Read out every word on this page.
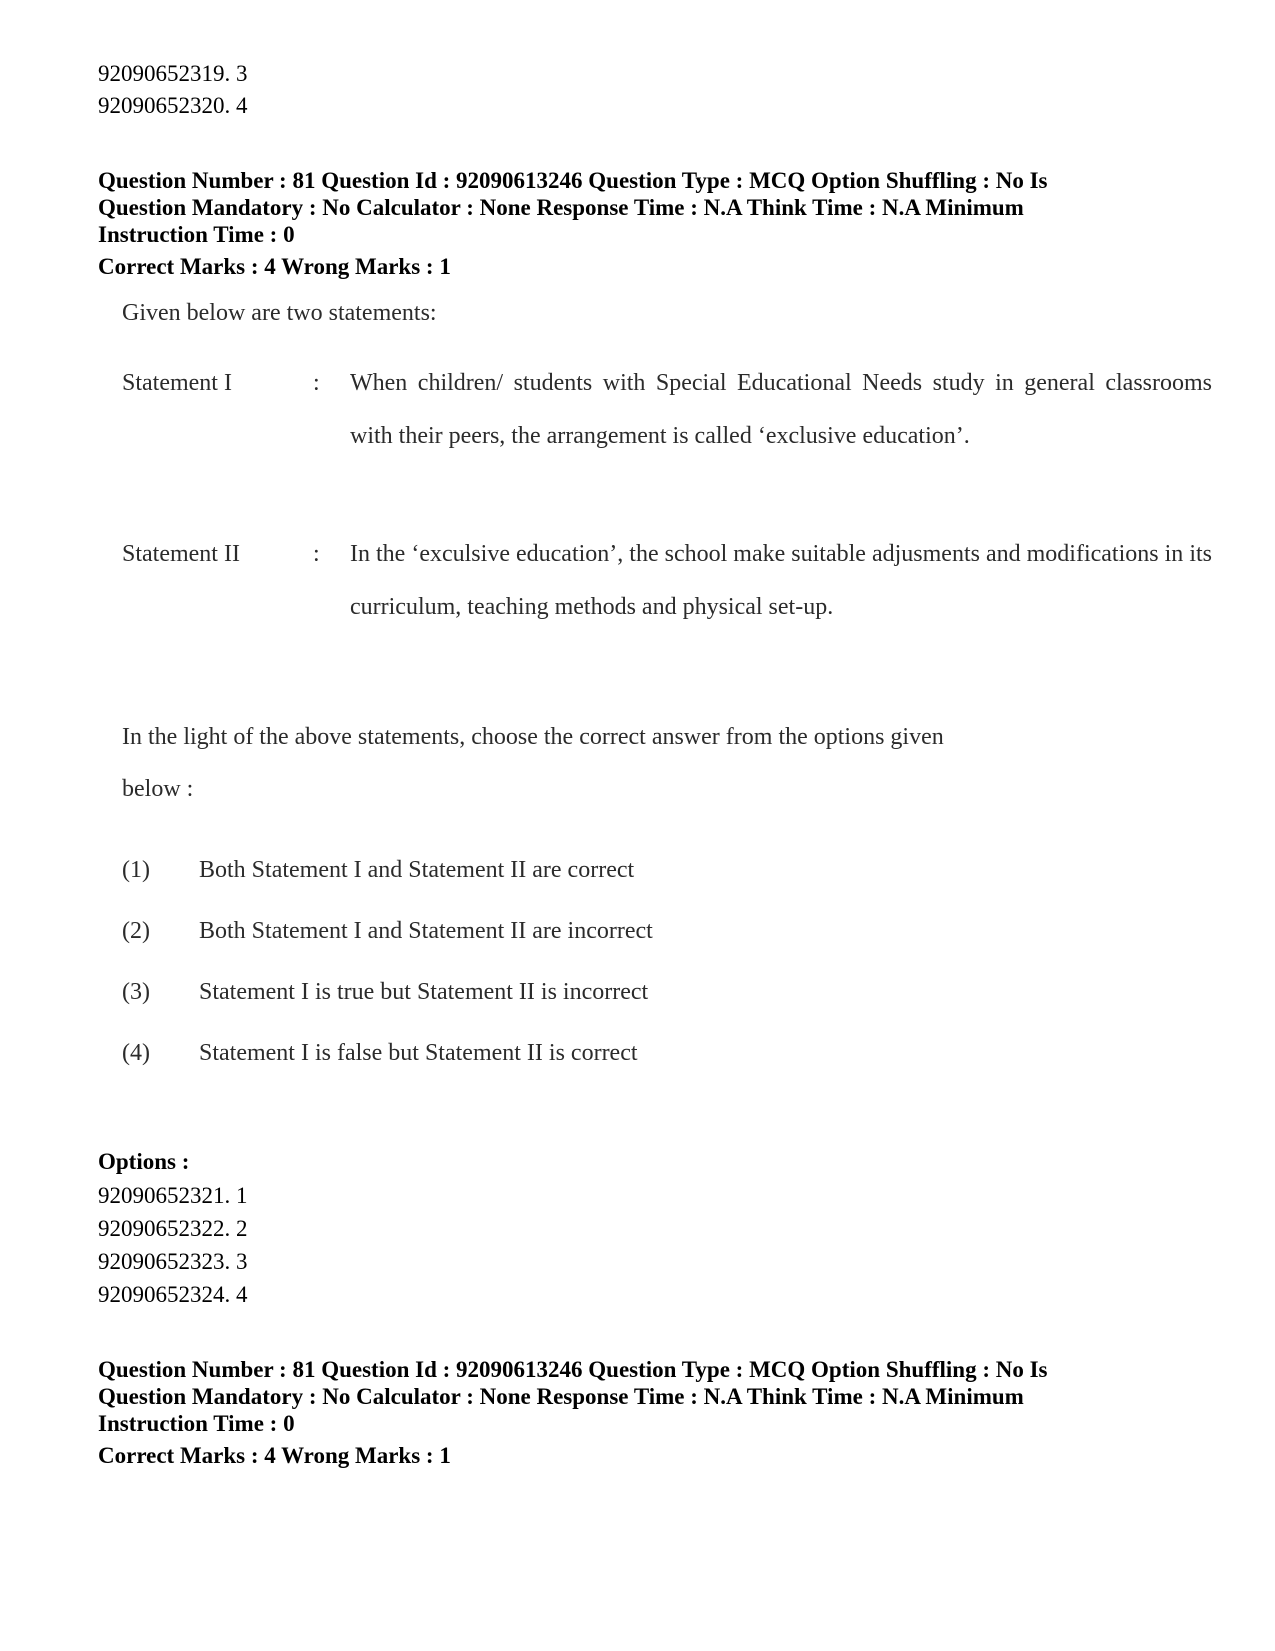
92090652319. 3
92090652320. 4
Question Number : 81 Question Id : 92090613246 Question Type : MCQ Option Shuffling : No Is
Question Mandatory : No Calculator : None Response Time : N.A Think Time : N.A Minimum
Instruction Time : 0
Correct Marks : 4 Wrong Marks : 1
Given below are two statements:
Statement I	: When children/ students with Special Educational Needs study in general classrooms with their peers, the arrangement is called ‘exclusive education’.
Statement II	: In the ‘exculsive education’, the school make suitable adjusments and modifications in its curriculum, teaching methods and physical set-up.
In the light of the above statements, choose the correct answer from the options given
below :
(1) Both Statement I and Statement II are correct
(2) Both Statement I and Statement II are incorrect
(3) Statement I is true but Statement II is incorrect
(4) Statement I is false but Statement II is correct
Options :
92090652321. 1
92090652322. 2
92090652323. 3
92090652324. 4
Question Number : 81 Question Id : 92090613246 Question Type : MCQ Option Shuffling : No Is
Question Mandatory : No Calculator : None Response Time : N.A Think Time : N.A Minimum
Instruction Time : 0
Correct Marks : 4 Wrong Marks : 1
